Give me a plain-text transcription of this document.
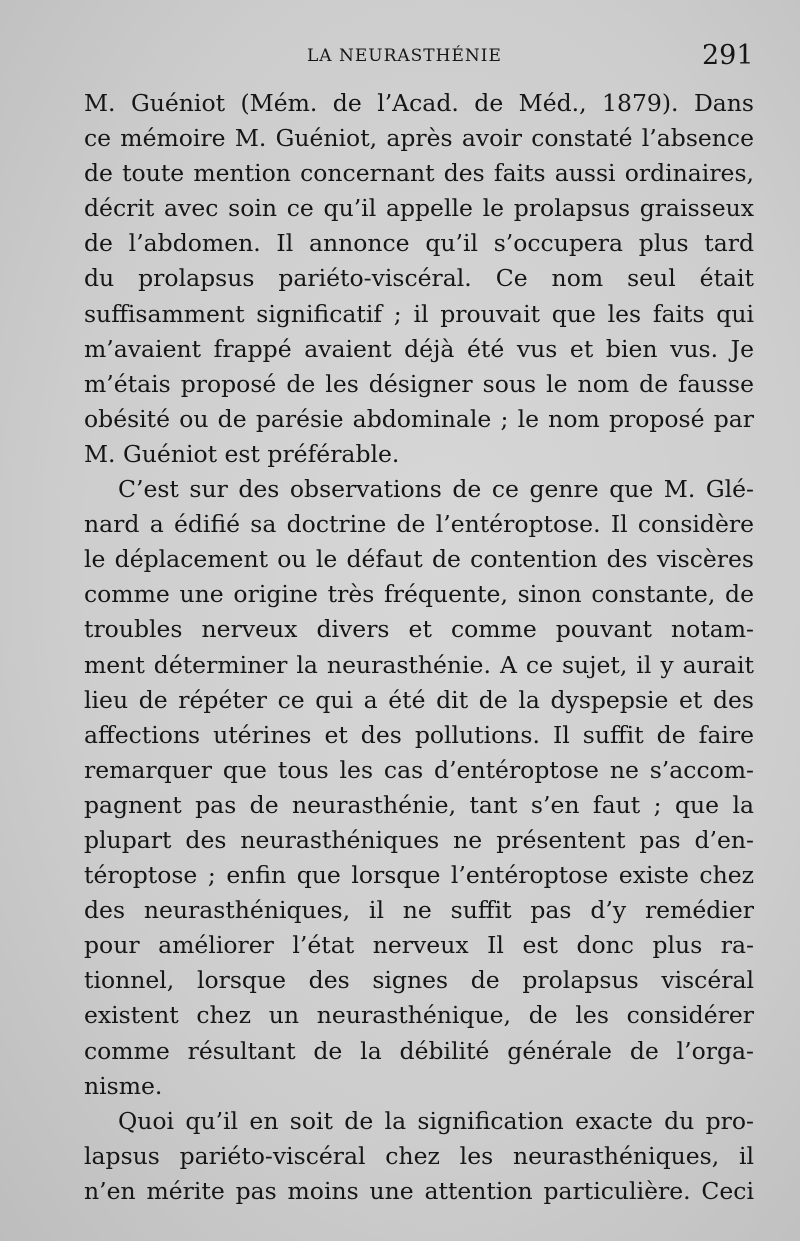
LA NEURASTHÉNIE	291
M. Guéniot (Mém. de l’Acad. de Méd., 1879). Dans
ce mémoire M. Guéniot, après avoir constaté l’absence
de toute mention concernant des faits aussi ordinaires,
décrit avec soin ce qu’il appelle le prolapsus graisseux
de l’abdomen. Il annonce qu’il s’occupera plus tard
du prolapsus pariéto-viscéral. Ce nom seul était
suffisamment significatif ; il prouvait que les faits qui
m’avaient frappé avaient déjà été vus et bien vus. Je
m’étais proposé de les désigner sous le nom de fausse
obésité ou de parésie abdominale ; le nom proposé par
M. Guéniot est préférable.
C’est sur des observations de ce genre que M. Glé-
nard a édifié sa doctrine de l’entéroptose. Il considère
le déplacement ou le défaut de contention des viscères
comme une origine très fréquente, sinon constante, de
troubles nerveux divers et comme pouvant notam-
ment déterminer la neurasthénie. A ce sujet, il y aurait
lieu de répéter ce qui a été dit de la dyspepsie et des
affections utérines et des pollutions. Il suffit de faire
remarquer que tous les cas d’entéroptose ne s’accom-
pagnent pas de neurasthénie, tant s’en faut ; que la
plupart des neurasthéniques ne présentent pas d’en-
téroptose ; enfin que lorsque l’entéroptose existe chez
des neurasthéniques, il ne suffit pas d’y remédier
pour améliorer l’état nerveux Il est donc plus ra-
tionnel, lorsque des signes de prolapsus viscéral
existent chez un neurasthénique, de les considérer
comme résultant de la débilité générale de l’orga-
nisme.
Quoi qu’il en soit de la signification exacte du pro-
lapsus pariéto-viscéral chez les neurasthéniques, il
n’en mérite pas moins une attention particulière. Ceci
